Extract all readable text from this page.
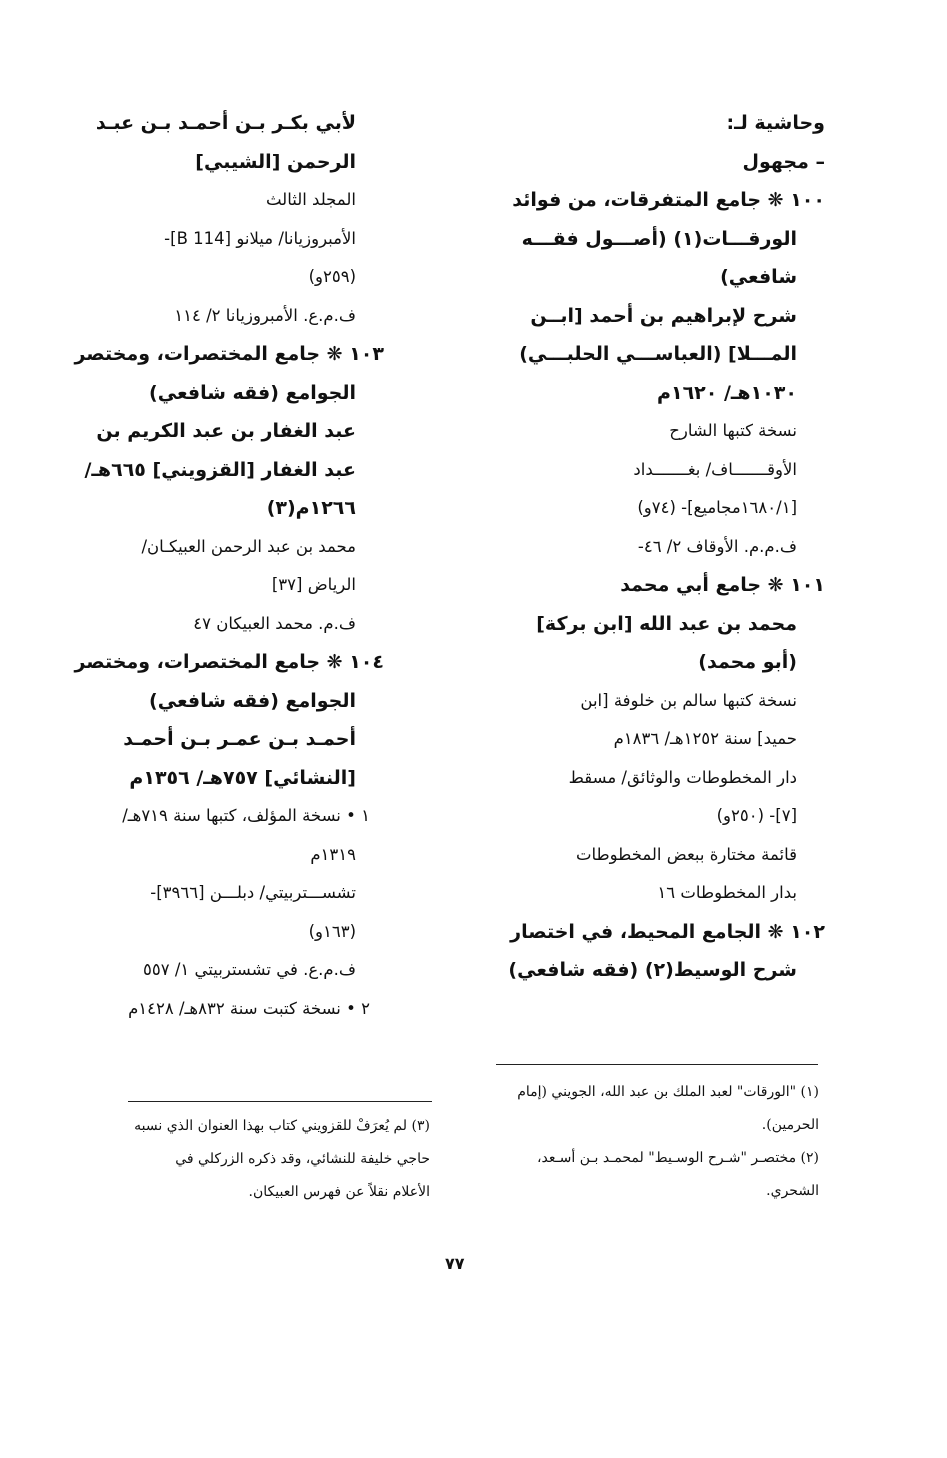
وحاشية لـ:
– مجهول
١٠٠ ❋ جامع المتفرقات، من فوائد
الورقـــات(١) (أصـــول فقـــه
شافعي)
شرح لإبراهيم بن أحمد [ابــن
المـــلا] (العباســـي الحلبـــي)
١٠٣٠هـ/ ١٦٢٠م
نسخة كتبها الشارح
الأوقـــــــاف/ بغـــــــداد
[١٦٨٠/١مجاميع]- (٧٤و)
ف.م.م. الأوقاف ٢/ ٤٦-
١٠١ ❋ جامع أبي محمد
محمد بن عبد الله [ابن بركة]
(أبو محمد)
نسخة كتبها سالم بن خلوفة [ابن
حميد] سنة ١٢٥٢هـ/ ١٨٣٦م
دار المخطوطات والوثائق/ مسقط
[٧]- (٢٥٠و)
قائمة مختارة ببعض المخطوطات
بدار المخطوطات ١٦
١٠٢ ❋ الجامع المحيط، في اختصار
شرح الوسيط(٢) (فقه شافعي)
لأبي بكـر بـن أحمـد بـن عبـد
الرحمن [الشيبي]
المجلد الثالث
الأمبروزيانا/ ميلانو [B 114]-
(٢٥٩و)
ف.م.ع. الأمبروزيانا ٢/ ١١٤
١٠٣ ❋ جامع المختصرات، ومختصر
الجوامع (فقه شافعي)
عبد الغفار بن عبد الكريم بن
عبد الغفار [القزويني] ٦٦٥هـ/
١٢٦٦م(٣)
محمد بن عبد الرحمن العبيكـان/
الرياض [٣٧]
ف.م. محمد العبيكان ٤٧
١٠٤ ❋ جامع المختصرات، ومختصر
الجوامع (فقه شافعي)
أحمـد بـن عمـر بـن أحمـد
[النشائي] ٧٥٧هـ/ ١٣٥٦م
١ • نسخة المؤلف، كتبها سنة ٧١٩هـ/
١٣١٩م
تشســـتربيتي/ دبلـــن [٣٩٦٦]-
(١٦٣و)
ف.م.ع. في تشستربيتي ١/ ٥٥٧
٢ • نسخة كتبت سنة ٨٣٢هـ/ ١٤٢٨م
(١) "الورقات" لعبد الملك بن عبد الله، الجويني (إمام
الحرمين).
(٢) مختصـر "شـرح الوسـيط" لمحمـد بـن أسـعد،
الشحري.
(٣) لم يُعرَفْ للقزويني كتاب بهذا العنوان الذي نسبه
حاجي خليفة للنشائي، وقد ذكره الزركلي في
الأعلام نقلاً عن فهرس العبيكان.
٧٧
